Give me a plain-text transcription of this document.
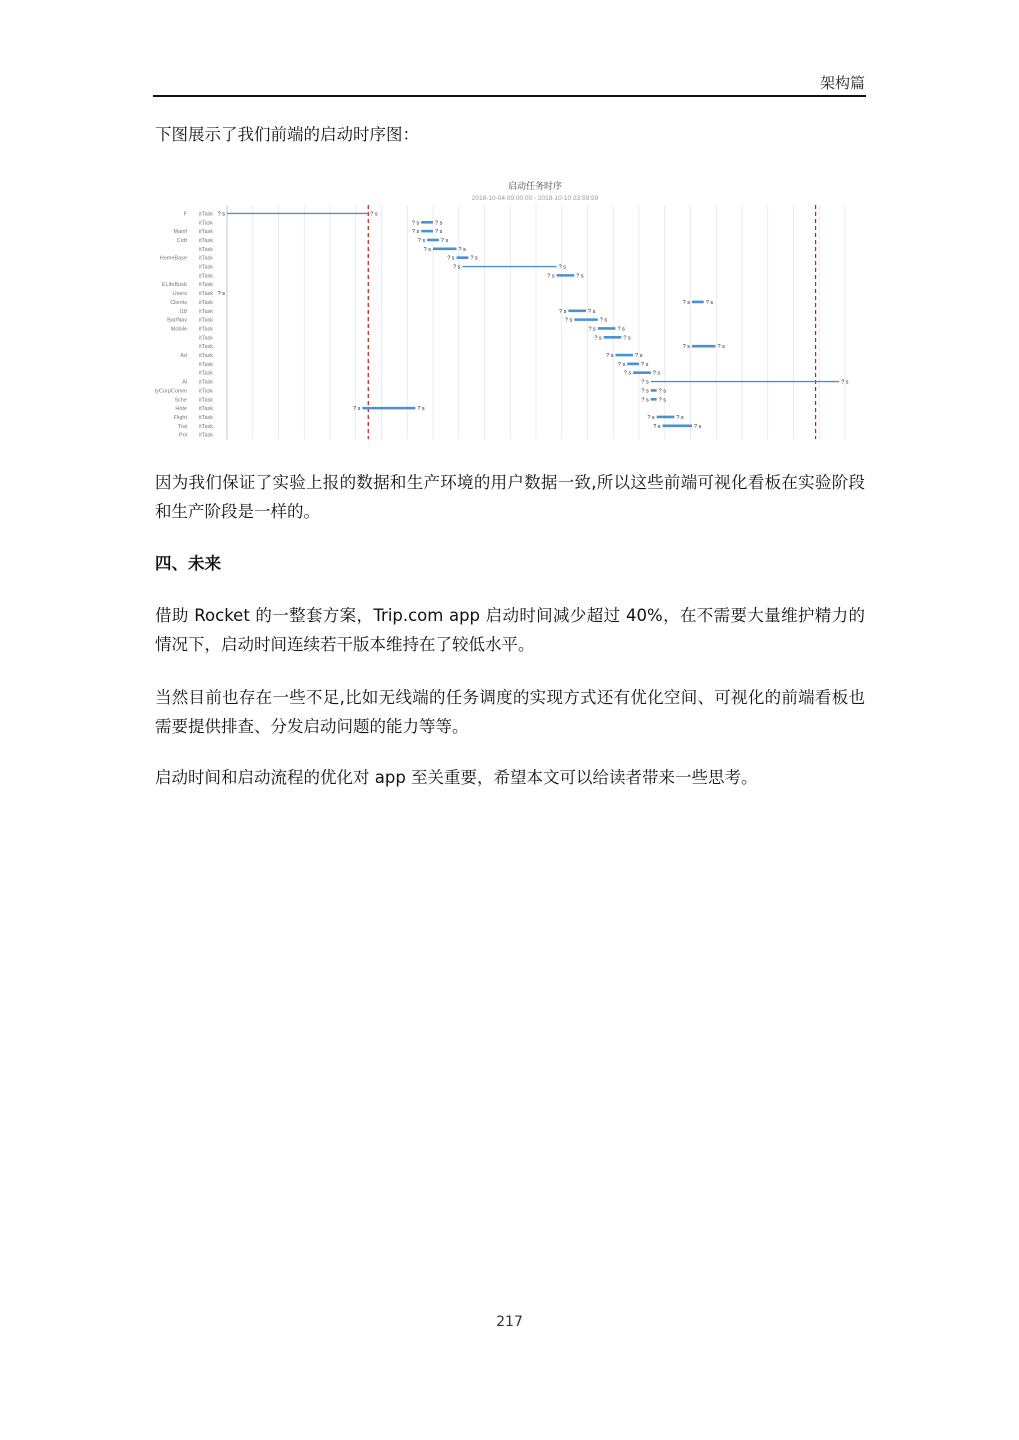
架构篇

下图展示了我们前端的启动时序图：

启动任务时序
2018-10-04 09:00:00 - 2018-10-10 23:59:59
F itTask ? s	? s
itTask	? s	? s
Manif itTask	? s	? s
Crdt itTask	? s	? s
itTask	? s	? s
HomeBase itTask	? s	? s
itTask	? s	? s
itTask	? s	? s
ELifeBusb itTask
Users itTask ? s
Clients itTask	? s	? s
I18 itTask	? s	? s
Bar/Nav itTask	? s	? s
Mobile itTask	? s	? s
itTask	? s	? s
itTask	? s	? s
Ad itTask	? s	? s
itTask	? s	? s
itTask	? s	? s
Al itTask	? s	? s
tyCorpComm itTask	? s ? s
Sche itTask	? s ? s
Hote itTask	? s	? s
Flight itTask	? s	? s
Trai itTask	? s	? s
Pol itTask

因为我们保证了实验上报的数据和生产环境的用户数据一致,所以这些前端可视化看板在实验阶段和生产阶段是一样的。

四、未来

借助 Rocket 的一整套方案，Trip.com app 启动时间减少超过 40%，在不需要大量维护精力的情况下，启动时间连续若干版本维持在了较低水平。

当然目前也存在一些不足,比如无线端的任务调度的实现方式还有优化空间、可视化的前端看板也需要提供排查、分发启动问题的能力等等。

启动时间和启动流程的优化对 app 至关重要，希望本文可以给读者带来一些思考。

217
